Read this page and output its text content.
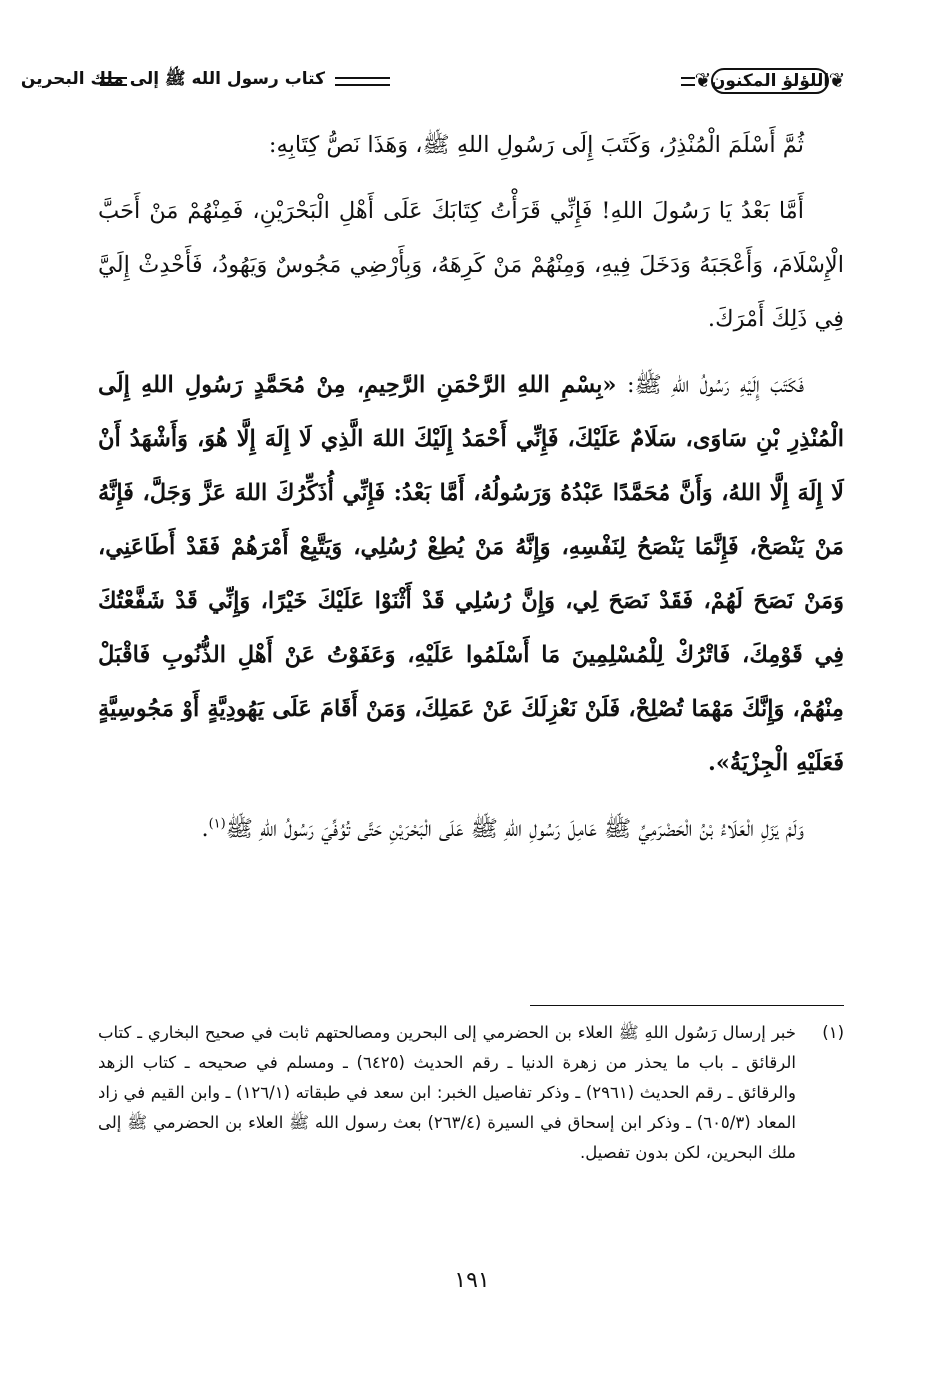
❦
اللؤلؤ المكنون
❦
كتاب رسول الله ﷺ إلى ملك البحرين

ثُمَّ أَسْلَمَ الْمُنْذِرُ، وَكَتَبَ إِلَى رَسُولِ اللهِ ﷺ، وَهَذَا نَصُّ كِتَابِهِ:

أَمَّا بَعْدُ يَا رَسُولَ اللهِ! فَإِنِّي قَرَأْتُ كِتَابَكَ عَلَى أَهْلِ الْبَحْرَيْنِ، فَمِنْهُمْ مَنْ أَحَبَّ الْإِسْلَامَ، وَأَعْجَبَهُ وَدَخَلَ فِيهِ، وَمِنْهُمْ مَنْ كَرِهَهُ، وَبِأَرْضِي مَجُوسٌ وَيَهُودُ، فَأَحْدِثْ إِلَيَّ فِي ذَلِكَ أَمْرَكَ.

فَكَتَبَ إِلَيْهِ رَسُولُ اللهِ ﷺ: «بِسْمِ اللهِ الرَّحْمَنِ الرَّحِيمِ، مِنْ مُحَمَّدٍ رَسُولِ اللهِ إِلَى الْمُنْذِرِ بْنِ سَاوَى، سَلَامٌ عَلَيْكَ، فَإِنِّي أَحْمَدُ إِلَيْكَ اللهَ الَّذِي لَا إِلَهَ إِلَّا هُوَ، وَأَشْهَدُ أَنْ لَا إِلَهَ إِلَّا اللهُ، وَأَنَّ مُحَمَّدًا عَبْدُهُ وَرَسُولُهُ، أَمَّا بَعْدُ: فَإِنِّي أُذَكِّرُكَ اللهَ عَزَّ وَجَلَّ، فَإِنَّهُ مَنْ يَنْصَحْ، فَإِنَّمَا يَنْصَحُ لِنَفْسِهِ، وَإِنَّهُ مَنْ يُطِعْ رُسُلِي، وَيَتَّبِعْ أَمْرَهُمْ فَقَدْ أَطَاعَنِي، وَمَنْ نَصَحَ لَهُمْ، فَقَدْ نَصَحَ لِي، وَإِنَّ رُسُلِي قَدْ أَثْنَوْا عَلَيْكَ خَيْرًا، وَإِنِّي قَدْ شَفَّعْتُكَ فِي قَوْمِكَ، فَاتْرُكْ لِلْمُسْلِمِينَ مَا أَسْلَمُوا عَلَيْهِ، وَعَفَوْتُ عَنْ أَهْلِ الذُّنُوبِ فَاقْبَلْ مِنْهُمْ، وَإِنَّكَ مَهْمَا تُصْلِحْ، فَلَنْ نَعْزِلَكَ عَنْ عَمَلِكَ، وَمَنْ أَقَامَ عَلَى يَهُودِيَّةٍ أَوْ مَجُوسِيَّةٍ فَعَلَيْهِ الْجِزْيَةُ».

وَلَمْ يَزَلِ الْعَلَاءُ بْنُ الْحَضْرَمِيِّ ﷺ عَامِلَ رَسُولِ اللهِ ﷺ عَلَى الْبَحْرَيْنِ حَتَّى تُوُفِّيَ رَسُولُ اللهِ ﷺ$^{(١)}$.

(١)
خبر إرسال رَسُول اللهِ ﷺ العلاء بن الحضرمي إلى البحرين ومصالحتهم ثابت في صحيح البخاري ـ كتاب الرقائق ـ باب ما يحذر من زهرة الدنيا ـ رقم الحديث (٦٤٢٥) ـ ومسلم في صحيحه ـ كتاب الزهد والرقائق ـ رقم الحديث (٢٩٦١) ـ وذكر تفاصيل الخبر: ابن سعد في طبقاته (١٢٦/١) ـ وابن القيم في زاد المعاد (٦٠٥/٣) ـ وذكر ابن إسحاق في السيرة (٢٦٣/٤) بعث رسول الله ﷺ العلاء بن الحضرمي ﷺ إلى ملك البحرين، لكن بدون تفصيل.
١٩١
